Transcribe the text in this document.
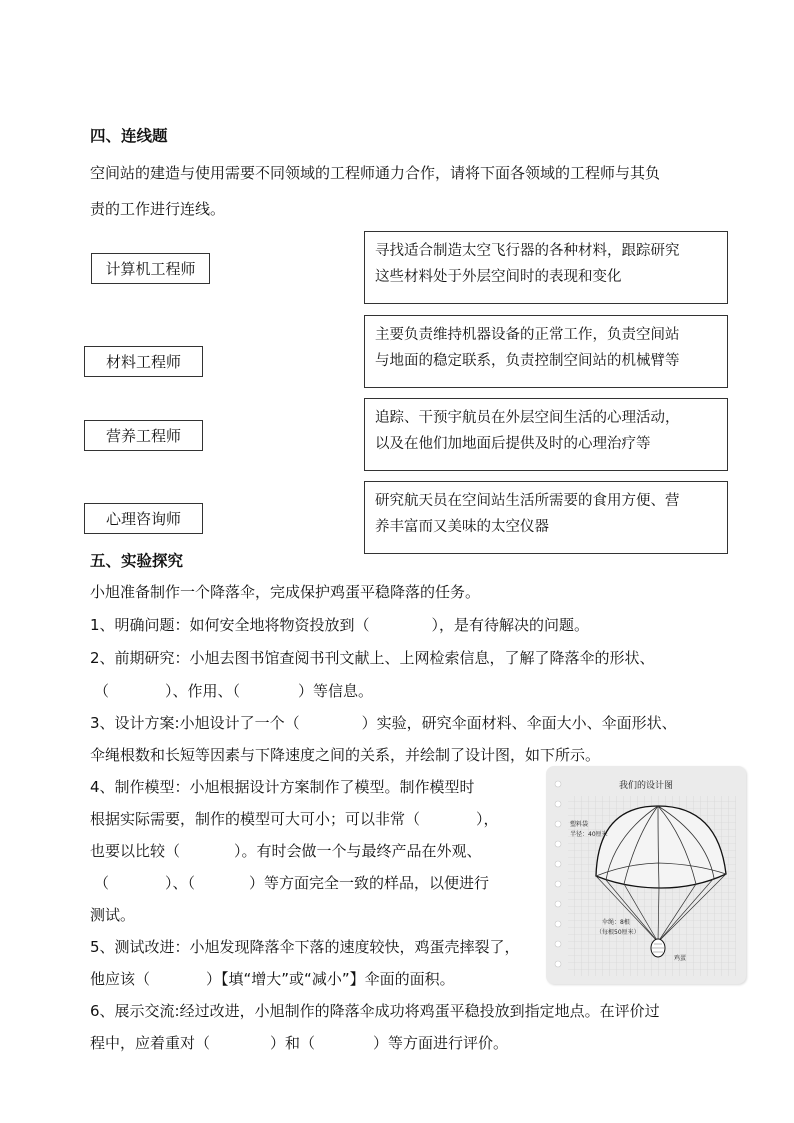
四、连线题
空间站的建造与使用需要不同领域的工程师通力合作，请将下面各领域的工程师与其负
责的工作进行连线。
计算机工程师
材料工程师
营养工程师
心理咨询师
寻找适合制造太空飞行器的各种材料，跟踪研究
这些材料处于外层空间时的表现和变化
主要负责维持机器设备的正常工作，负责空间站
与地面的稳定联系，负责控制空间站的机械臂等
追踪、干预宇航员在外层空间生活的心理活动，
以及在他们加地面后提供及时的心理治疗等
研究航天员在空间站生活所需要的食用方便、营
养丰富而又美味的太空仪器
五、实验探究
小旭准备制作一个降落伞，完成保护鸡蛋平稳降落的任务。
1、明确问题：如何安全地将物资投放到（	），是有待解决的问题。
2、前期研究：小旭去图书馆查阅书刊文献上、上网检索信息，了解了降落伞的形状、
（	）、作用、（	）等信息。
3、设计方案:小旭设计了一个（	）实验，研究伞面材料、伞面大小、伞面形状、
伞绳根数和长短等因素与下降速度之间的关系，并绘制了设计图，如下所示。
4、制作模型：小旭根据设计方案制作了模型。制作模型时
根据实际需要，制作的模型可大可小；可以非常（	），
也要以比较（	）。有时会做一个与最终产品在外观、
（	）、（	）等方面完全一致的样品，以便进行
测试。
5、测试改进：小旭发现降落伞下落的速度较快，鸡蛋壳摔裂了，
他应该（	）【填“增大”或“减小”】伞面的面积。
6、展示交流:经过改进，小旭制作的降落伞成功将鸡蛋平稳投放到指定地点。在评价过
程中，应着重对（	）和（	）等方面进行评价。
我们的设计图
塑料袋
半径：40厘米
伞绳：8根
（每根50厘米）
鸡蛋
